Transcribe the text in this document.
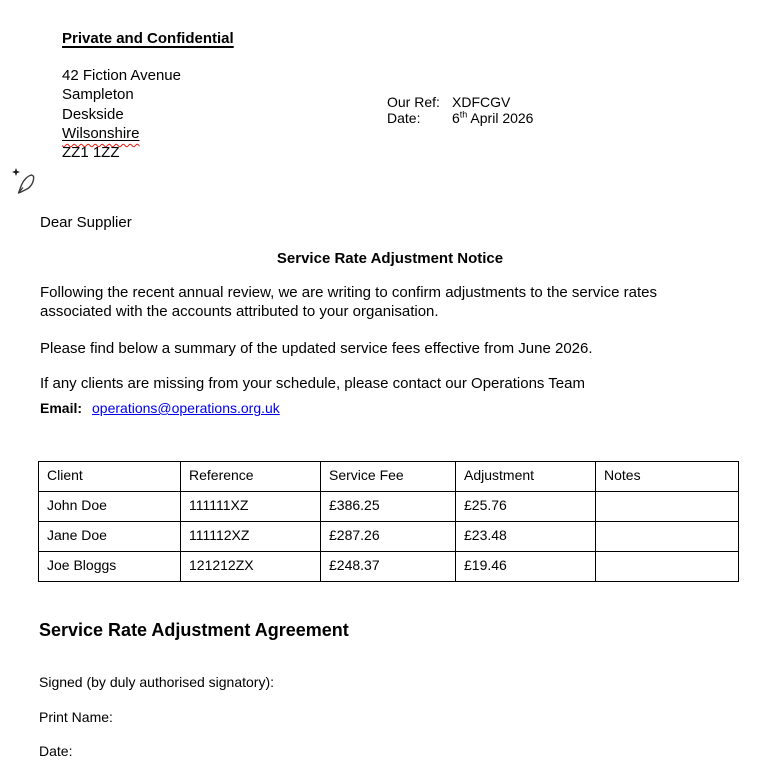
Private and Confidential
42 Fiction Avenue
Sampleton
Deskside
Wilsonshire
ZZ1 1ZZ
Our Ref: XDFCGV
Date:	6th April 2026
Dear Supplier
Service Rate Adjustment Notice
Following the recent annual review, we are writing to confirm adjustments to the service rates associated with the accounts attributed to your organisation.
Please find below a summary of the updated service fees effective from June 2026.
If any clients are missing from your schedule, please contact our Operations Team
Email: operations@operations.org.uk
Client	Reference	Service Fee	Adjustment	Notes
John Doe	111111XZ	£386.25	£25.76	
Jane Doe	111112XZ	£287.26	£23.48	
Joe Bloggs	121212ZX	£248.37	£19.46	
Service Rate Adjustment Agreement
Signed (by duly authorised signatory):
Print Name:
Date:
